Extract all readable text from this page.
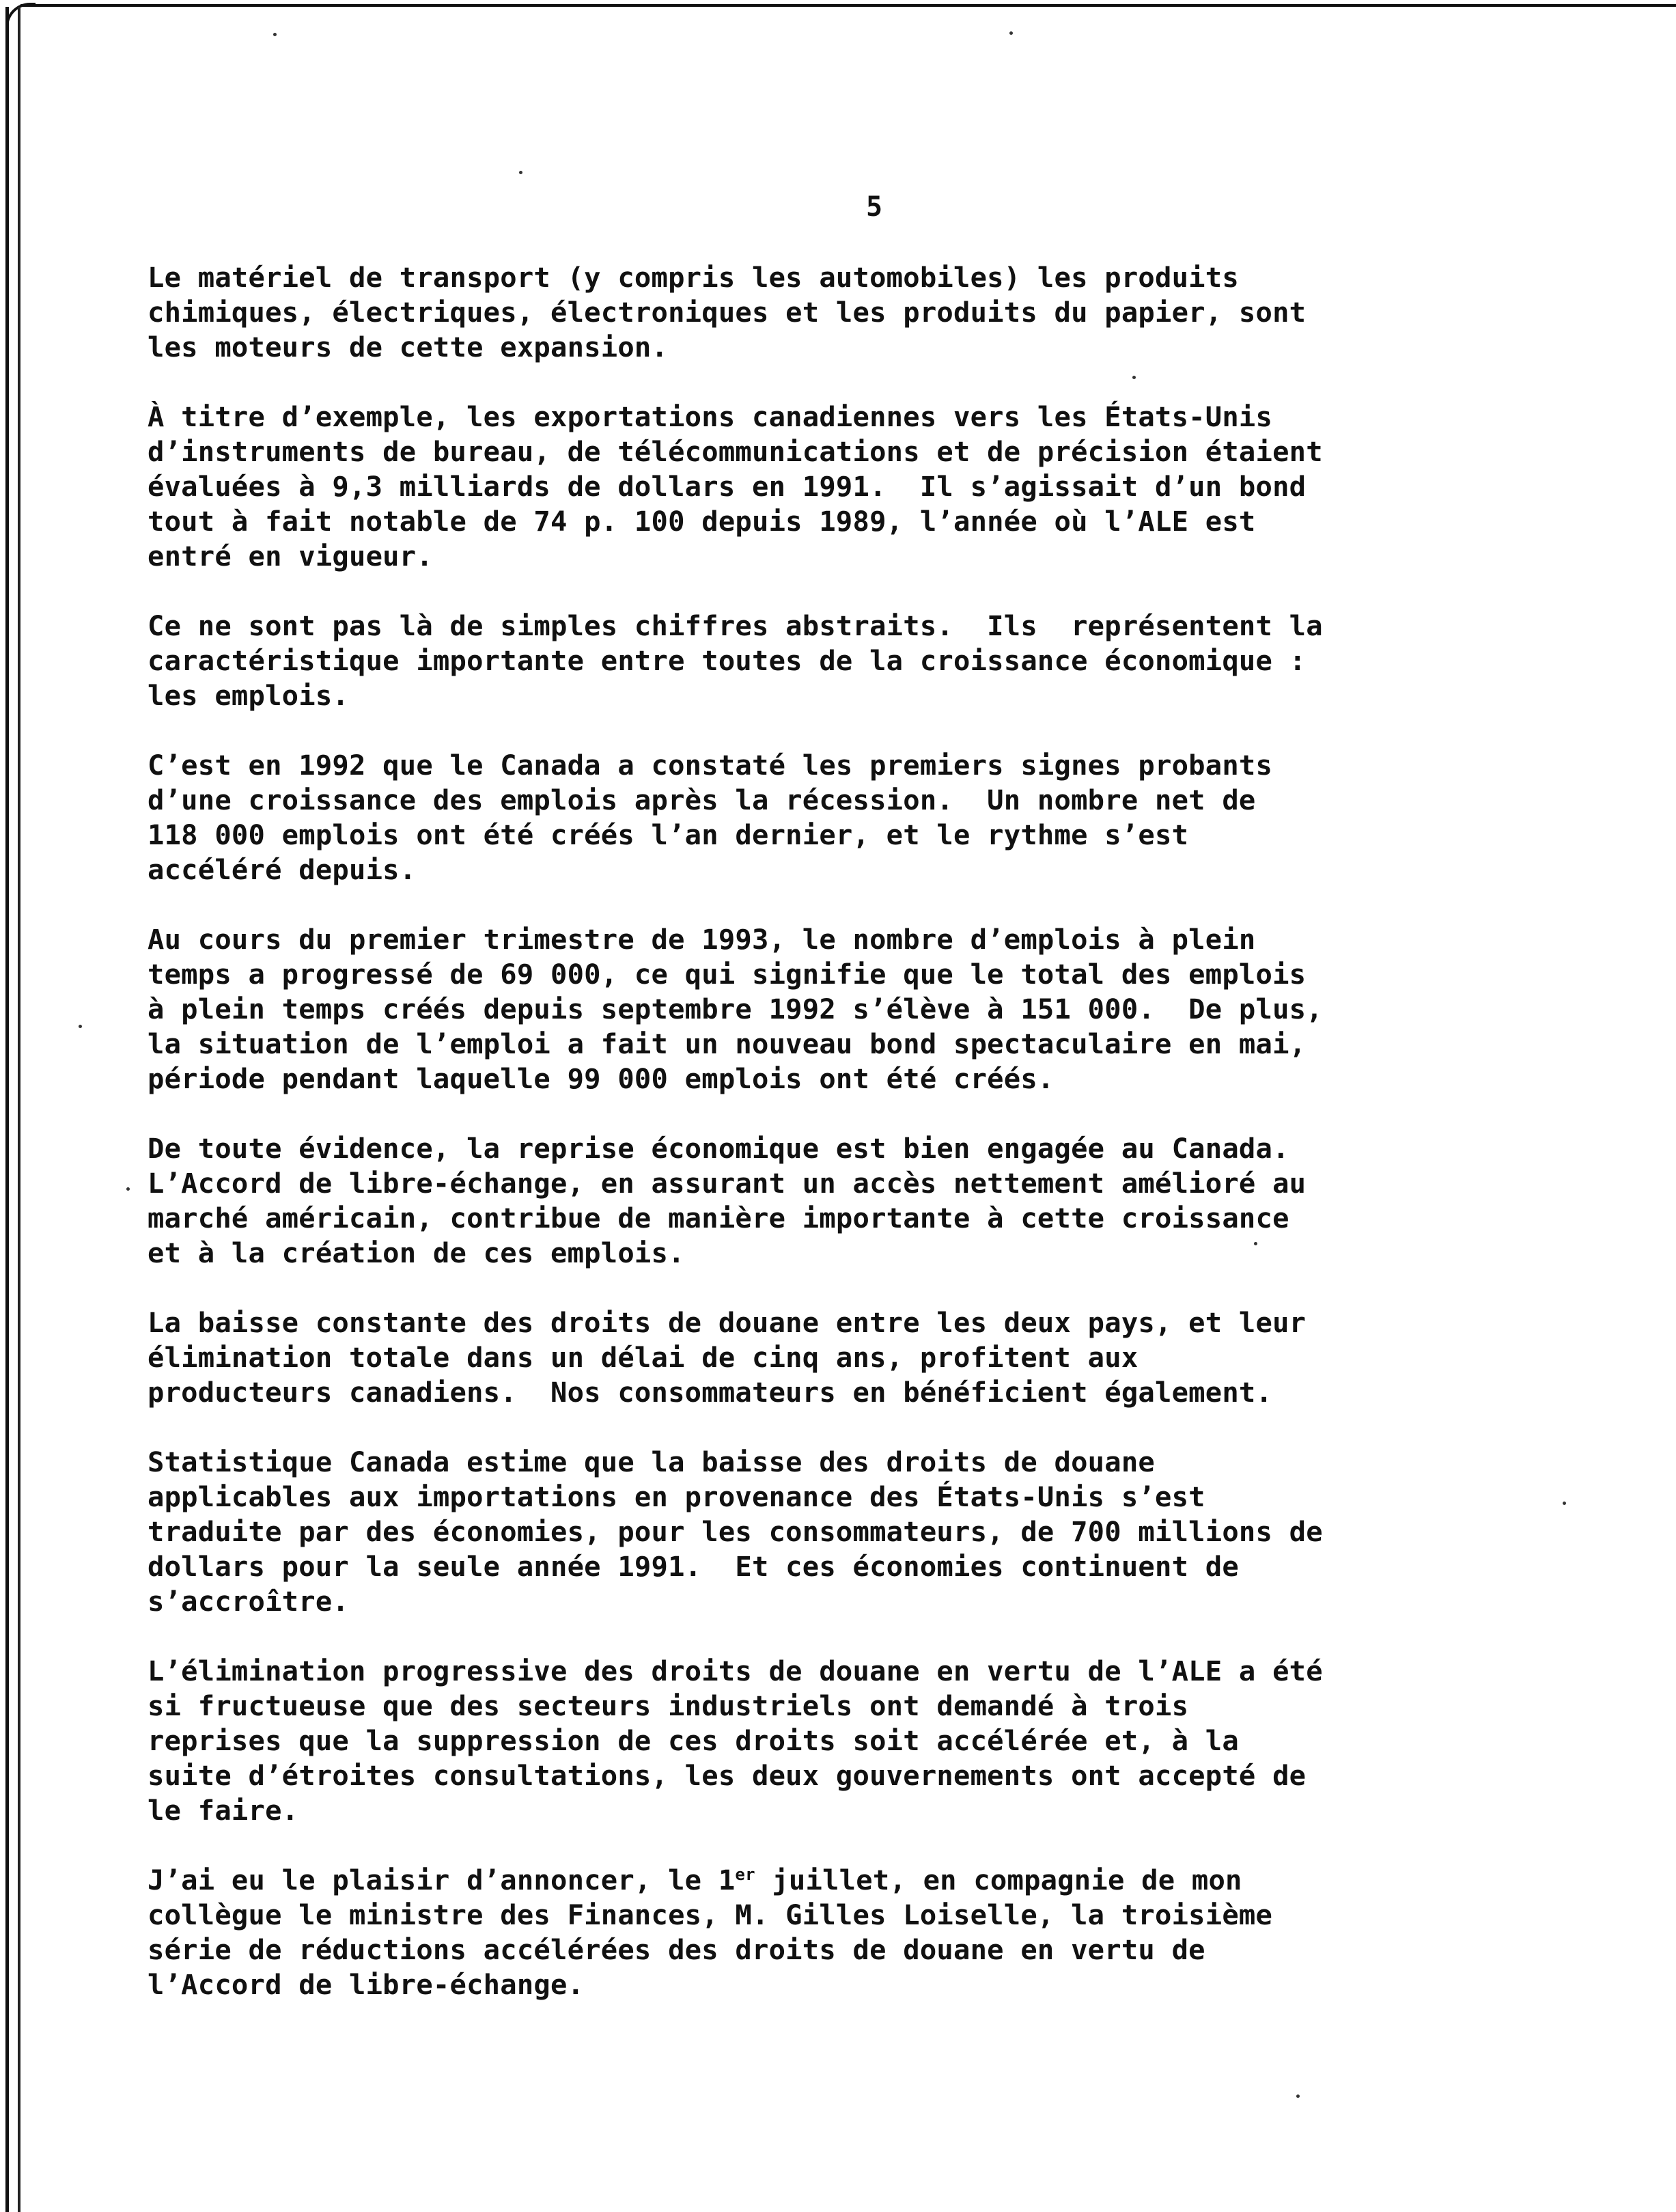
5
Le matériel de transport (y compris les automobiles) les produits
chimiques, électriques, électroniques et les produits du papier, sont
les moteurs de cette expansion.
À titre d’exemple, les exportations canadiennes vers les États-Unis
d’instruments de bureau, de télécommunications et de précision étaient
évaluées à 9,3 milliards de dollars en 1991.  Il s’agissait d’un bond
tout à fait notable de 74 p. 100 depuis 1989, l’année où l’ALE est
entré en vigueur.
Ce ne sont pas là de simples chiffres abstraits.  Ils  représentent la
caractéristique importante entre toutes de la croissance économique :
les emplois.
C’est en 1992 que le Canada a constaté les premiers signes probants
d’une croissance des emplois après la récession.  Un nombre net de
118 000 emplois ont été créés l’an dernier, et le rythme s’est
accéléré depuis.
Au cours du premier trimestre de 1993, le nombre d’emplois à plein
temps a progressé de 69 000, ce qui signifie que le total des emplois
à plein temps créés depuis septembre 1992 s’élève à 151 000.  De plus,
la situation de l’emploi a fait un nouveau bond spectaculaire en mai,
période pendant laquelle 99 000 emplois ont été créés.
De toute évidence, la reprise économique est bien engagée au Canada.
L’Accord de libre-échange, en assurant un accès nettement amélioré au
marché américain, contribue de manière importante à cette croissance
et à la création de ces emplois.
La baisse constante des droits de douane entre les deux pays, et leur
élimination totale dans un délai de cinq ans, profitent aux
producteurs canadiens.  Nos consommateurs en bénéficient également.
Statistique Canada estime que la baisse des droits de douane
applicables aux importations en provenance des États-Unis s’est
traduite par des économies, pour les consommateurs, de 700 millions de
dollars pour la seule année 1991.  Et ces économies continuent de
s’accroître.
L’élimination progressive des droits de douane en vertu de l’ALE a été
si fructueuse que des secteurs industriels ont demandé à trois
reprises que la suppression de ces droits soit accélérée et, à la
suite d’étroites consultations, les deux gouvernements ont accepté de
le faire.
J’ai eu le plaisir d’annoncer, le 1er juillet, en compagnie de mon
collègue le ministre des Finances, M. Gilles Loiselle, la troisième
série de réductions accélérées des droits de douane en vertu de
l’Accord de libre-échange.
